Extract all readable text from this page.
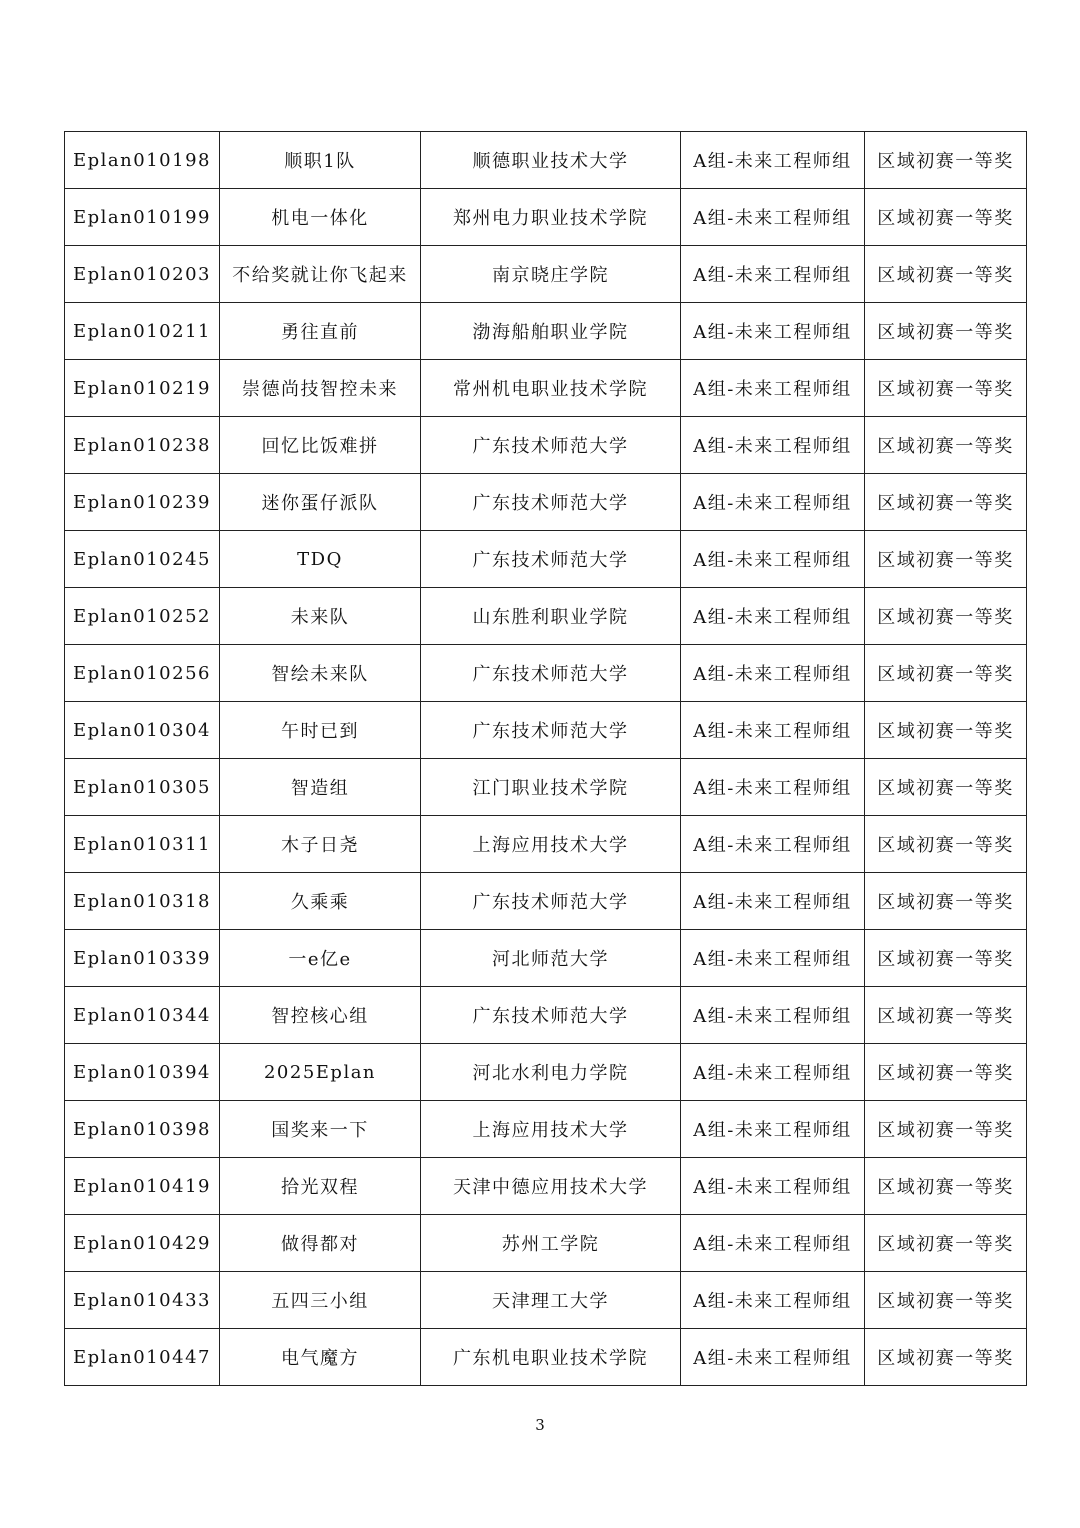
Eplan010198	顺职1队	顺德职业技术大学	A组-未来工程师组	区域初赛一等奖
Eplan010199	机电一体化	郑州电力职业技术学院	A组-未来工程师组	区域初赛一等奖
Eplan010203	不给奖就让你飞起来	南京晓庄学院	A组-未来工程师组	区域初赛一等奖
Eplan010211	勇往直前	渤海船舶职业学院	A组-未来工程师组	区域初赛一等奖
Eplan010219	崇德尚技智控未来	常州机电职业技术学院	A组-未来工程师组	区域初赛一等奖
Eplan010238	回忆比饭难拼	广东技术师范大学	A组-未来工程师组	区域初赛一等奖
Eplan010239	迷你蛋仔派队	广东技术师范大学	A组-未来工程师组	区域初赛一等奖
Eplan010245	TDQ	广东技术师范大学	A组-未来工程师组	区域初赛一等奖
Eplan010252	未来队	山东胜利职业学院	A组-未来工程师组	区域初赛一等奖
Eplan010256	智绘未来队	广东技术师范大学	A组-未来工程师组	区域初赛一等奖
Eplan010304	午时已到	广东技术师范大学	A组-未来工程师组	区域初赛一等奖
Eplan010305	智造组	江门职业技术学院	A组-未来工程师组	区域初赛一等奖
Eplan010311	木子日尧	上海应用技术大学	A组-未来工程师组	区域初赛一等奖
Eplan010318	久乘乘	广东技术师范大学	A组-未来工程师组	区域初赛一等奖
Eplan010339	一e亿e	河北师范大学	A组-未来工程师组	区域初赛一等奖
Eplan010344	智控核心组	广东技术师范大学	A组-未来工程师组	区域初赛一等奖
Eplan010394	2025Eplan	河北水利电力学院	A组-未来工程师组	区域初赛一等奖
Eplan010398	国奖来一下	上海应用技术大学	A组-未来工程师组	区域初赛一等奖
Eplan010419	拾光双程	天津中德应用技术大学	A组-未来工程师组	区域初赛一等奖
Eplan010429	做得都对	苏州工学院	A组-未来工程师组	区域初赛一等奖
Eplan010433	五四三小组	天津理工大学	A组-未来工程师组	区域初赛一等奖
Eplan010447	电气魔方	广东机电职业技术学院	A组-未来工程师组	区域初赛一等奖
3
